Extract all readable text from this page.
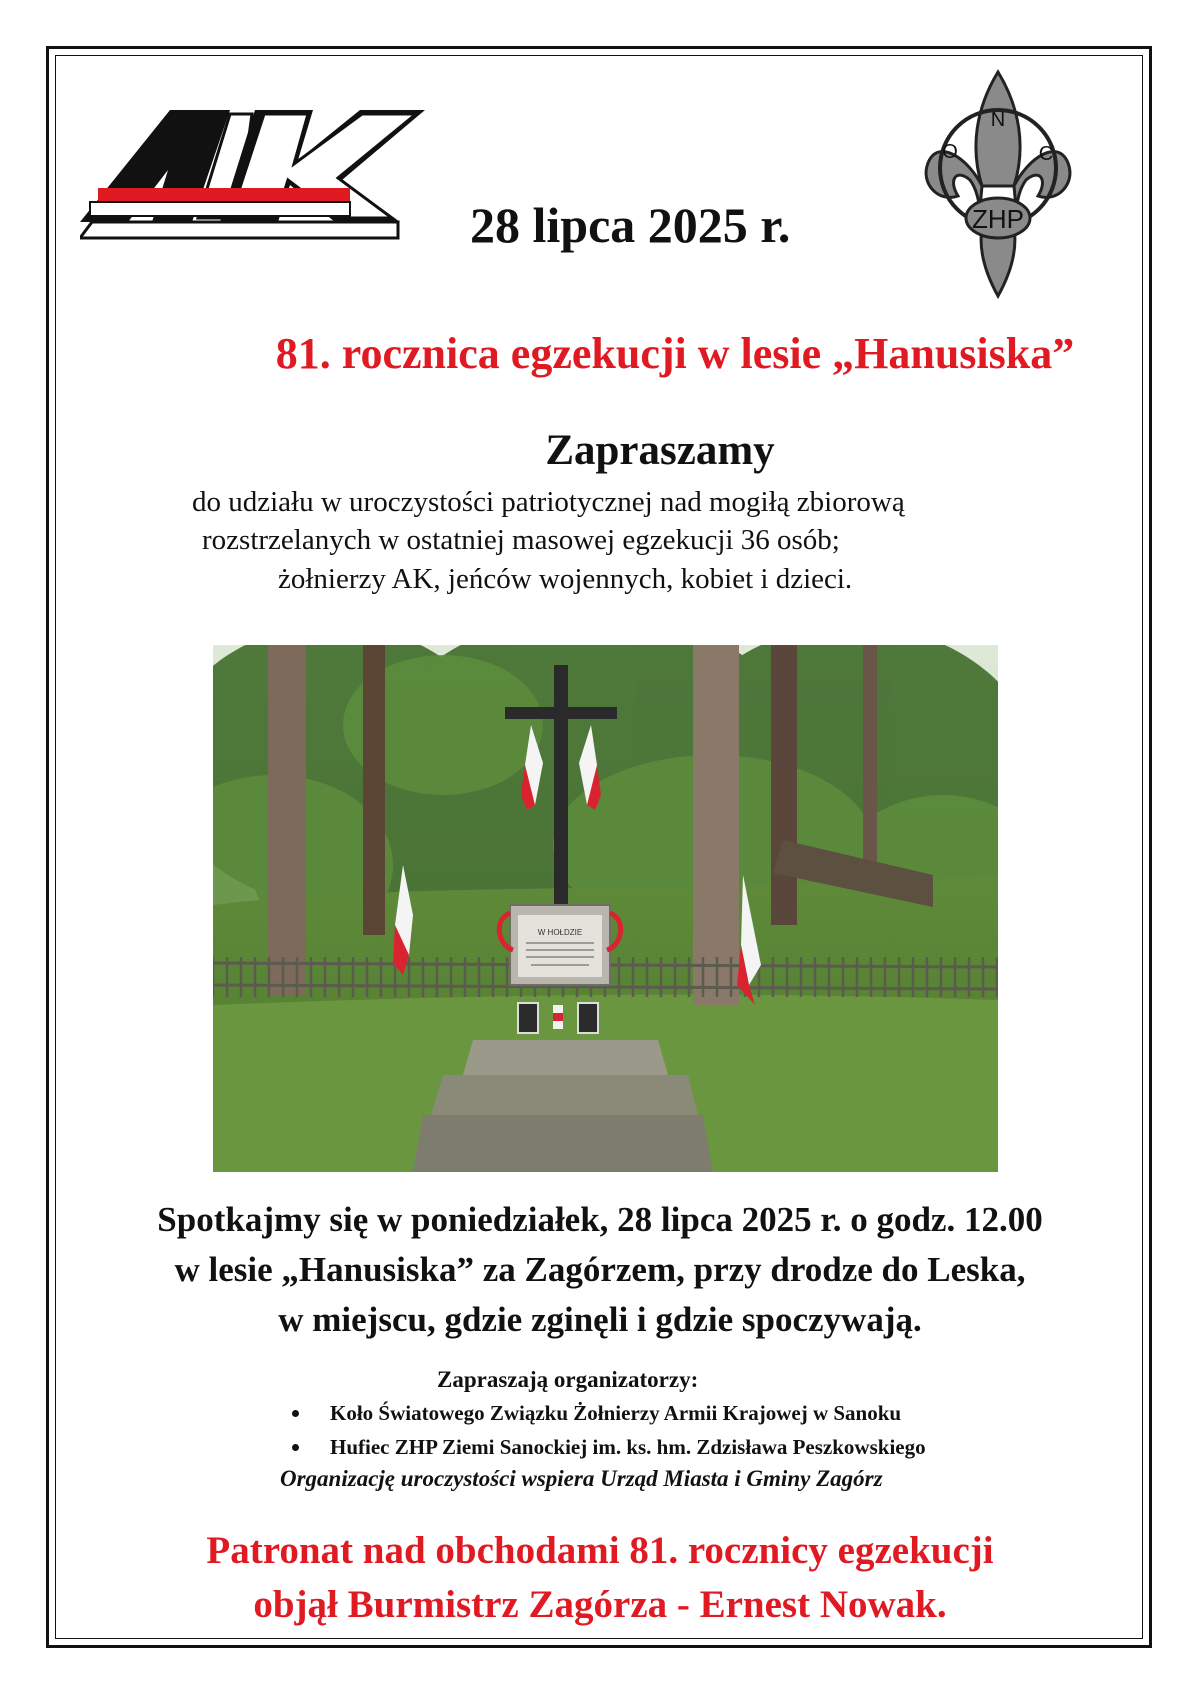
ZHP
N
O	C
28 lipca 2025 r.
81. rocznica egzekucji w lesie „Hanusiska”
Zapraszamy
do udziału w uroczystości patriotycznej nad mogiłą zbiorową
rozstrzelanych w ostatniej masowej egzekucji 36 osób;
żołnierzy AK, jeńców wojennych, kobiet i dzieci.
W HOŁDZIE
Spotkajmy się w poniedziałek, 28 lipca 2025 r. o godz. 12.00
w lesie „Hanusiska” za Zagórzem, przy drodze do Leska,
w miejscu, gdzie zginęli i gdzie spoczywają.
Zapraszają organizatorzy:
Koło Światowego Związku Żołnierzy Armii Krajowej w Sanoku
Hufiec ZHP Ziemi Sanockiej im. ks. hm. Zdzisława Peszkowskiego
Organizację uroczystości wspiera Urząd Miasta i Gminy Zagórz
Patronat nad obchodami 81. rocznicy egzekucji
objął Burmistrz Zagórza - Ernest Nowak.
